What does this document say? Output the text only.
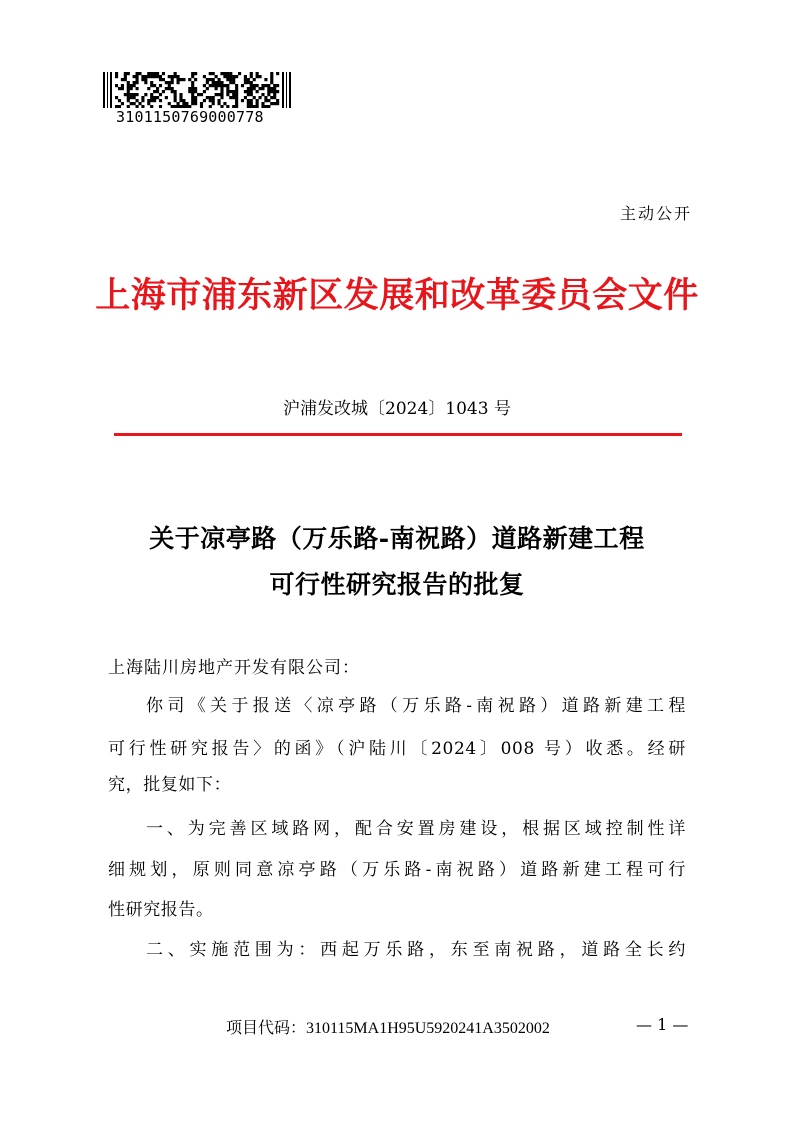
3101150769000778
主动公开
上海市浦东新区发展和改革委员会文件
沪浦发改城〔2024〕1043 号
关于凉亭路（万乐路-南祝路）道路新建工程
可行性研究报告的批复
上海陆川房地产开发有限公司：
你司《关于报送〈凉亭路（万乐路-南祝路）道路新建工程
可行性研究报告〉的函》（沪陆川〔2024〕008 号）收悉。经研
究，批复如下：
一、为完善区域路网，配合安置房建设，根据区域控制性详
细规划，原则同意凉亭路（万乐路-南祝路）道路新建工程可行
性研究报告。
二、实施范围为：西起万乐路，东至南祝路，道路全长约
项目代码：310115MA1H95U5920241A3502002	— 1 —
